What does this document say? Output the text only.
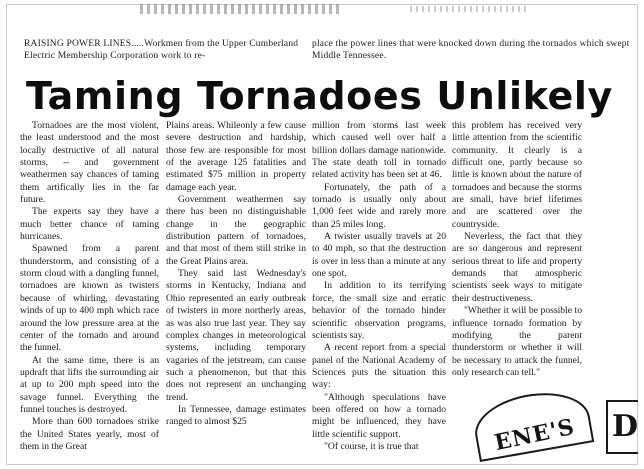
RAISING POWER LINES.....Workmen from the Upper Cumberland Electric Membership Corporation work to re-
place the power lines that were knocked down during the tornados which swept Middle Tennessee.
Taming Tornadoes Unlikely

Tornadoes are the most violent, the least understood and the most locally destructive of all natural storms, -- and government weathermen say chances of taming them artifically lies in the far future.

The experts say they have a much better chance of taming hurricanes.

Spawned from a parent thunderstorm, and consisting of a storm cloud with a dangling funnel, tornadoes are known as twisters because of whirling, devastating winds of up to 400 mph which race around the low pressure area at the center of the tornado and around the funnel.

At the same time, there is an updraft that lifts the surrounding air at up to 200 mph speed into the savage funnel. Everything the funnel touches is destroyed.

More than 600 tornadoes strike the United States yearly, most of them in the Great

Plains areas. Whileonly a few cause severe destruction and hardship, those few are responsible for most of the average 125 fatalities and estimated $75 million in property damage each year.

Government weathermen say there has been no distinguishable change in the geographic distribution pattern of tornadoes, and that most of them still strike in the Great Plains area.

They said last Wednesday's storms in Kentucky, Indiana and Ohio represented an early outbreak of twisters in more northerly areas, as was also true last year. They say complex changes in meteorological systems, including temporary vagaries of the jetstream, can cause such a phenomenon, but that this does not represent an unchanging trend.

In Tennessee, damage estimates ranged to almost $25

million from storms last week which caused well over half a billion dollars damage nationwide. The state death toll in tornado related activity has been set at 46.

Fortunately, the path of a tornado is usually only about 1,000 feet wide and rarely more than 25 miles long.

A twister usually travels at 20 to 40 mph, so that the destruction is over in less than a minute at any one spot.

In addition to its terrifying force, the small size and erratic behavior of the tornado hinder scientific observation programs, scientists say.

A recent report from a special panel of the National Academy of Sciences puts the situation this way:

"Although speculations have been offered on how a tornado might be influenced, they have little scientific support.

"Of course, it is true that

this problem has received very little attention from the scientific community. It clearly is a difficult one, partly because so little is known about the nature of tornadoes and because the storms are small, have brief lifetimes and are scattered over the countryside.

Neverless, the fact that they are so dangerous and represent serious threat to life and property demands that atmospheric scientists seek ways to mitigate their destructiveness.

"Whether it will be possible to influence tornado formation by modifying the parent thunderstorm or whether it will be necessary to attack the funnel, only research can tell."

ENE'S D
